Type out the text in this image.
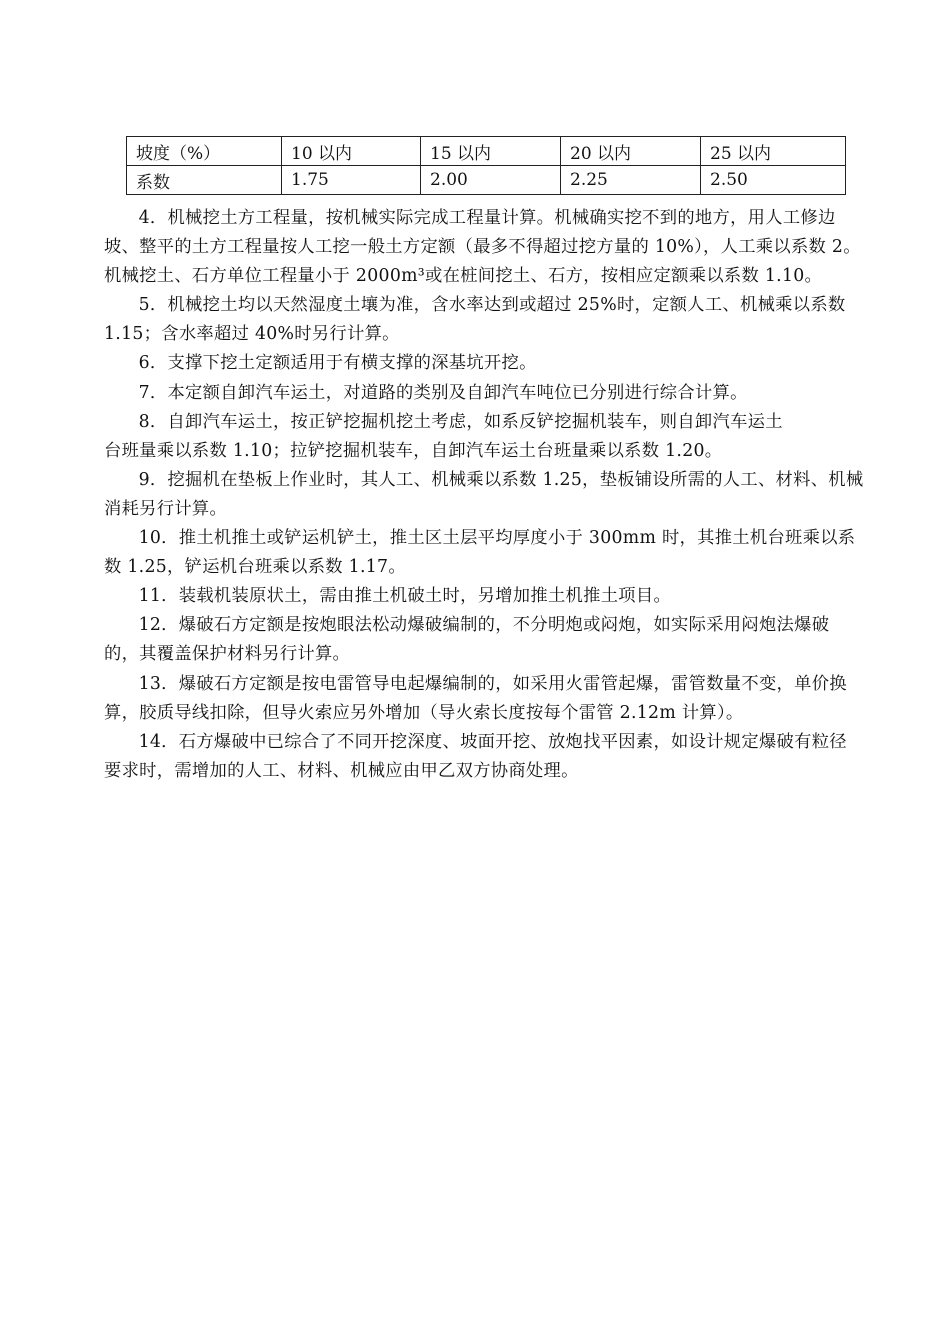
坡度（%）	10 以内	15 以内	20 以内	25 以内
系数	1.75	2.00	2.25	2.50

4．机械挖土方工程量，按机械实际完成工程量计算。机械确实挖不到的地方，用人工修边坡、整平的土方工程量按人工挖一般土方定额（最多不得超过挖方量的 10%），人工乘以系数 2。机械挖土、石方单位工程量小于 2000m³或在桩间挖土、石方，按相应定额乘以系数 1.10。

5．机械挖土均以天然湿度土壤为准，含水率达到或超过 25%时，定额人工、机械乘以系数 1.15；含水率超过 40%时另行计算。

6．支撑下挖土定额适用于有横支撑的深基坑开挖。

7．本定额自卸汽车运土，对道路的类别及自卸汽车吨位已分别进行综合计算。

8．自卸汽车运土，按正铲挖掘机挖土考虑，如系反铲挖掘机装车，则自卸汽车运土

台班量乘以系数 1.10；拉铲挖掘机装车，自卸汽车运土台班量乘以系数 1.20。

9．挖掘机在垫板上作业时，其人工、机械乘以系数 1.25，垫板铺设所需的人工、材料、机械消耗另行计算。

10．推土机推土或铲运机铲土，推土区土层平均厚度小于 300mm 时，其推土机台班乘以系数 1.25，铲运机台班乘以系数 1.17。

11．装载机装原状土，需由推土机破土时，另增加推土机推土项目。

12．爆破石方定额是按炮眼法松动爆破编制的，不分明炮或闷炮，如实际采用闷炮法爆破的，其覆盖保护材料另行计算。

13．爆破石方定额是按电雷管导电起爆编制的，如采用火雷管起爆，雷管数量不变，单价换算，胶质导线扣除，但导火索应另外增加（导火索长度按每个雷管 2.12m 计算）。

14．石方爆破中已综合了不同开挖深度、坡面开挖、放炮找平因素，如设计规定爆破有粒径要求时，需增加的人工、材料、机械应由甲乙双方协商处理。
